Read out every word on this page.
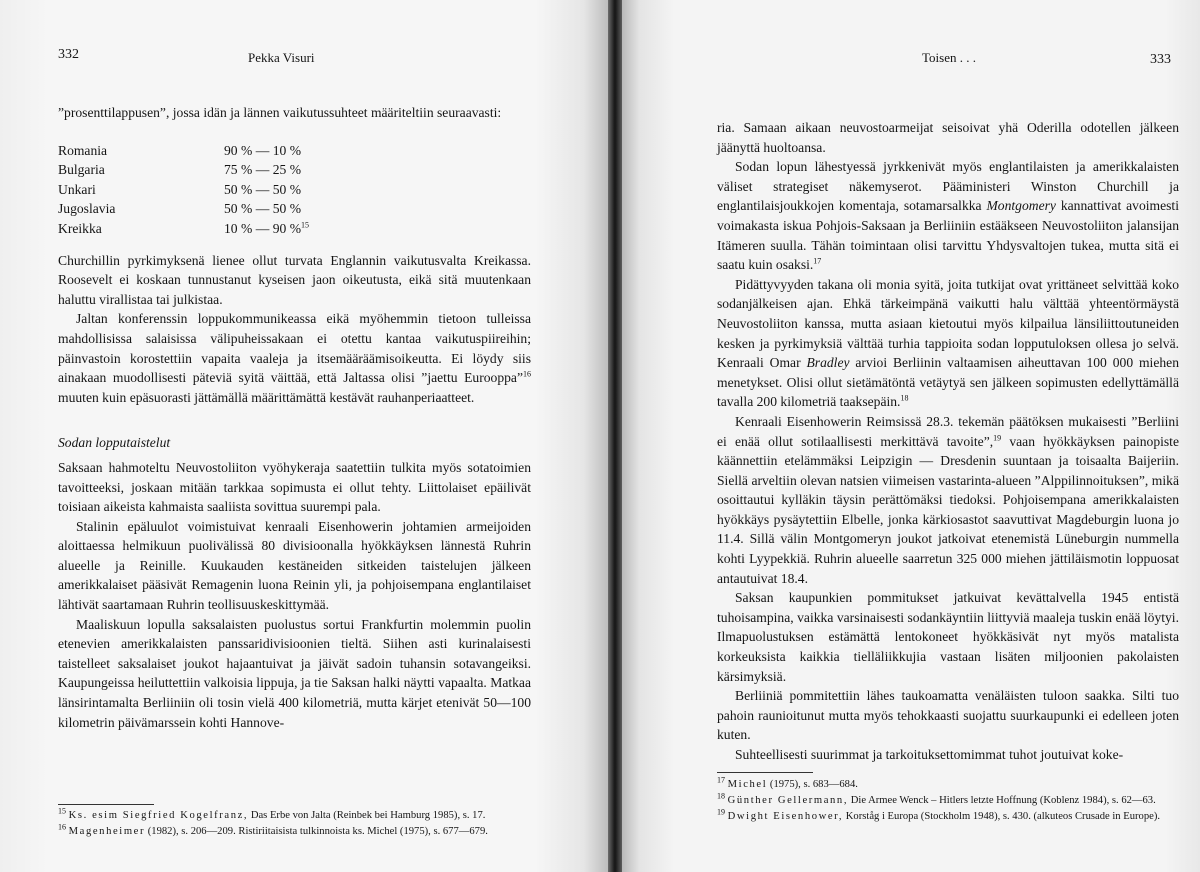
332	Pekka Visuri

”prosenttilappusen”, jossa idän ja lännen vaikutussuhteet määriteltiin seuraavasti:

Romania	90 % — 10 %
Bulgaria	75 % — 25 %
Unkari	50 % — 50 %
Jugoslavia	50 % — 50 %
Kreikka	10 % — 90 %$^{15}$

Churchillin pyrkimyksenä lienee ollut turvata Englannin vaikutusvalta Kreikassa. Roosevelt ei koskaan tunnustanut kyseisen jaon oikeutusta, eikä sitä muutenkaan haluttu virallistaa tai julkistaa.

Jaltan konferenssin loppukommunikeassa eikä myöhemmin tietoon tulleissa mahdollisissa salaisissa välipuheissakaan ei otettu kantaa vaikutuspiireihin; päinvastoin korostettiin vapaita vaaleja ja itsemääräämisoikeutta. Ei löydy siis ainakaan muodollisesti päteviä syitä väittää, että Jaltassa olisi ”jaettu Eurooppa”$^{16}$ muuten kuin epäsuorasti jättämällä määrittämättä kestävät rauhanperiaatteet.

Sodan lopputaistelut

Saksaan hahmoteltu Neuvostoliiton vyöhykeraja saatettiin tulkita myös sotatoimien tavoitteeksi, joskaan mitään tarkkaa sopimusta ei ollut tehty. Liittolaiset epäilivät toisiaan aikeista kahmaista saaliista sovittua suurempi pala.

Stalinin epäluulot voimistuivat kenraali Eisenhowerin johtamien armeijoiden aloittaessa helmikuun puolivälissä 80 divisioonalla hyökkäyksen lännestä Ruhrin alueelle ja Reinille. Kuukauden kestäneiden sitkeiden taistelujen jälkeen amerikkalaiset pääsivät Remagenin luona Reinin yli, ja pohjoisempana englantilaiset lähtivät saartamaan Ruhrin teollisuuskeskittymää.

Maaliskuun lopulla saksalaisten puolustus sortui Frankfurtin molemmin puolin etenevien amerikkalaisten panssaridivisioonien tieltä. Siihen asti kurinalaisesti taistelleet saksalaiset joukot hajaantuivat ja jäivät sadoin tuhansin sotavangeiksi. Kaupungeissa heiluttettiin valkoisia lippuja, ja tie Saksan halki näytti vapaalta. Matkaa länsirintamalta Berliiniin oli tosin vielä 400 kilometriä, mutta kärjet etenivät 50—100 kilometrin päivämarssein kohti Hannove-

$^{15}$ Ks. esim Siegfried Kogelfranz, Das Erbe von Jalta (Reinbek bei Hamburg 1985), s. 17.
$^{16}$ Magenheimer (1982), s. 206—209. Ristiriitaisista tulkinnoista ks. Michel (1975), s. 677—679.
Toisen . . .	333

ria. Samaan aikaan neuvostoarmeijat seisoivat yhä Oderilla odotellen jälkeen jäänyttä huoltoansa.

Sodan lopun lähestyessä jyrkkenivät myös englantilaisten ja amerikkalaisten väliset strategiset näkemyserot. Pääministeri Winston Churchill ja englantilaisjoukkojen komentaja, sotamarsalkka Montgomery kannattivat avoimesti voimakasta iskua Pohjois-Saksaan ja Berliiniin estääkseen Neuvostoliiton jalansijan Itämeren suulla. Tähän toimintaan olisi tarvittu Yhdysvaltojen tukea, mutta sitä ei saatu kuin osaksi.$^{17}$

Pidättyvyyden takana oli monia syitä, joita tutkijat ovat yrittäneet selvittää koko sodanjälkeisen ajan. Ehkä tärkeimpänä vaikutti halu välttää yhteentörmäystä Neuvostoliiton kanssa, mutta asiaan kietoutui myös kilpailua länsiliittoutuneiden kesken ja pyrkimyksiä välttää turhia tappioita sodan lopputuloksen ollesa jo selvä. Kenraali Omar Bradley arvioi Berliinin valtaamisen aiheuttavan 100 000 miehen menetykset. Olisi ollut sietämätöntä vetäytyä sen jälkeen sopimusten edellyttämällä tavalla 200 kilometriä taaksepäin.$^{18}$

Kenraali Eisenhowerin Reimsissä 28.3. tekemän päätöksen mukaisesti ”Berliini ei enää ollut sotilaallisesti merkittävä tavoite”,$^{19}$ vaan hyökkäyksen painopiste käännettiin etelämmäksi Leipzigin — Dresdenin suuntaan ja toisaalta Baijeriin. Siellä arveltiin olevan natsien viimeisen vastarinta-alueen ”Alppilinnoituksen”, mikä osoittautui kylläkin täysin perättömäksi tiedoksi. Pohjoisempana amerikkalaisten hyökkäys pysäytettiin Elbelle, jonka kärkiosastot saavuttivat Magdeburgin luona jo 11.4. Sillä välin Montgomeryn joukot jatkoivat etenemistä Lüneburgin nummella kohti Lyypekkiä. Ruhrin alueelle saarretun 325 000 miehen jättiläismotin loppuosat antautuivat 18.4.

Saksan kaupunkien pommitukset jatkuivat kevättalvella 1945 entistä tuhoisampina, vaikka varsinaisesti sodankäyntiin liittyviä maaleja tuskin enää löytyi. Ilmapuolustuksen estämättä lentokoneet hyökkäsivät nyt myös matalista korkeuksista kaikkia tielläliikkujia vastaan lisäten miljoonien pakolaisten kärsimyksiä.

Berliiniä pommitettiin lähes taukoamatta venäläisten tuloon saakka. Silti tuo pahoin raunioitunut mutta myös tehokkaasti suojattu suurkaupunki ei edelleen joten kuten.

Suhteellisesti suurimmat ja tarkoituksettomimmat tuhot joutuivat koke-

$^{17}$ Michel (1975), s. 683—684.
$^{18}$ Günther Gellermann, Die Armee Wenck – Hitlers letzte Hoffnung (Koblenz 1984), s. 62—63.
$^{19}$ Dwight Eisenhower, Korståg i Europa (Stockholm 1948), s. 430. (alkuteos Crusade in Europe).
